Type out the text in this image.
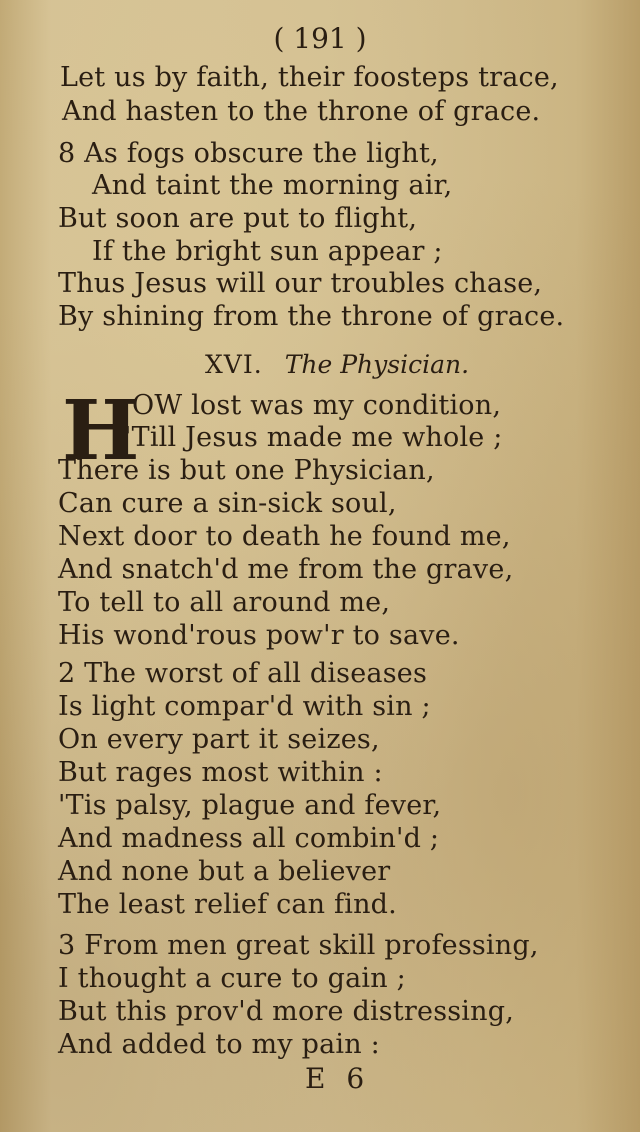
( 191 )
Let us by faith, their foosteps trace,
And hasten to the throne of grace.
8 As fogs obscure the light,
And taint the morning air,
But soon are put to flight,
If the bright sun appear ;
Thus Jesus will our troubles chase,
By shining from the throne of grace.
XVI. The Physician.
H
OW lost was my condition,
'Till Jesus made me whole ;
There is but one Physician,
Can cure a sin-sick soul,
Next door to death he found me,
And snatch'd me from the grave,
To tell to all around me,
His wond'rous pow'r to save.
2 The worst of all diseases
Is light compar'd with sin ;
On every part it seizes,
But rages most within :
'Tis palsy, plague and fever,
And madness all combin'd ;
And none but a believer
The least relief can find.
3 From men great skill professing,
I thought a cure to gain ;
But this prov'd more distressing,
And added to my pain :
E 6
